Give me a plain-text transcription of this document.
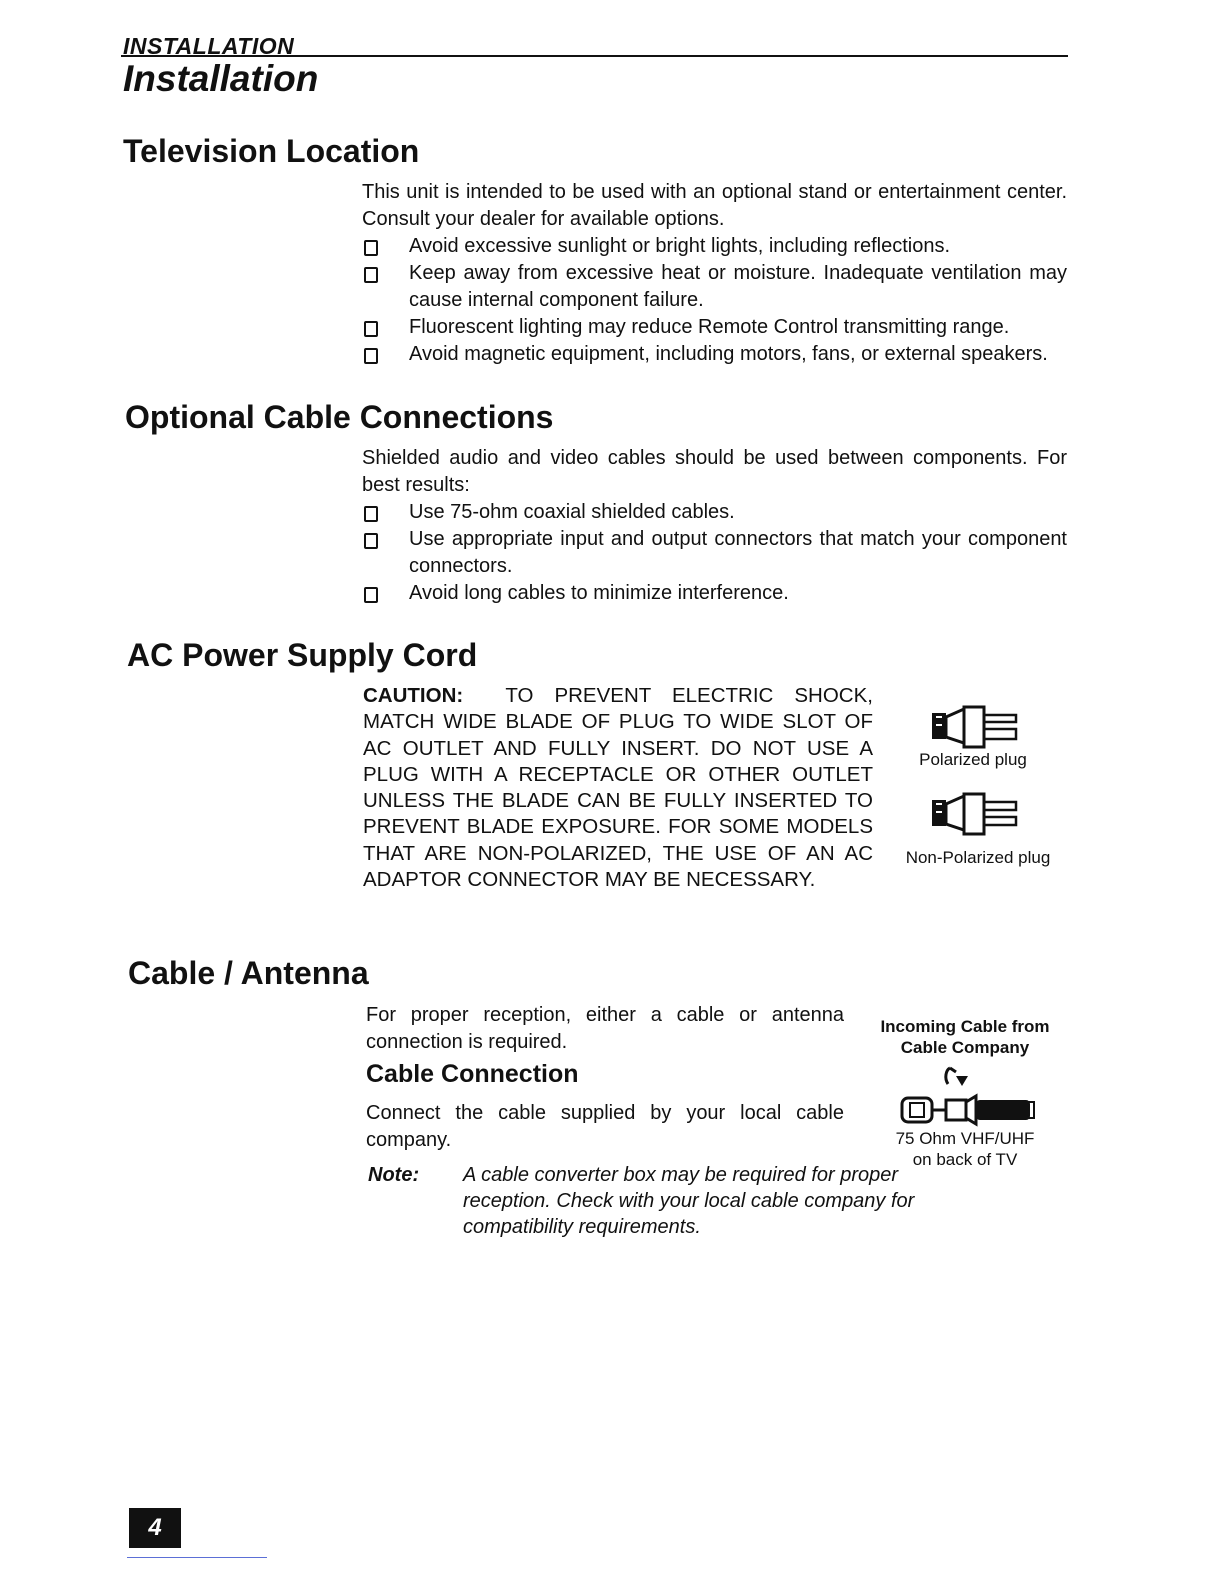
INSTALLATION
Installation
Television Location
This unit is intended to be used with an optional stand or entertainment center. Consult your dealer for available options.
Avoid excessive sunlight or bright lights, including reflections.
Keep away from excessive heat or moisture. Inadequate ventilation may cause internal component failure.
Fluorescent lighting may reduce Remote Control transmitting range.
Avoid magnetic equipment, including motors, fans, or external speakers.
Optional Cable Connections
Shielded audio and video cables should be used between components. For best results:
Use 75-ohm coaxial shielded cables.
Use appropriate input and output connectors that match your component connectors.
Avoid long cables to minimize interference.
AC Power Supply Cord
CAUTION: TO PREVENT ELECTRIC SHOCK, MATCH WIDE BLADE OF PLUG TO WIDE SLOT OF AC OUTLET AND FULLY INSERT. DO NOT USE A PLUG WITH A RECEPTACLE OR OTHER OUTLET UNLESS THE BLADE CAN BE FULLY INSERTED TO PREVENT BLADE EXPOSURE. FOR SOME MODELS THAT ARE NON-POLARIZED, THE USE OF AN AC ADAPTOR CONNECTOR MAY BE NECESSARY.
Polarized plug
Non-Polarized plug
Cable / Antenna
For proper reception, either a cable or antenna connection is required.
Cable Connection
Connect the cable supplied by your local cable company.
Note: A cable converter box may be required for proper reception. Check with your local cable company for compatibility requirements.
Incoming Cable from
Cable Company
75 Ohm VHF/UHF
on back of TV
4
